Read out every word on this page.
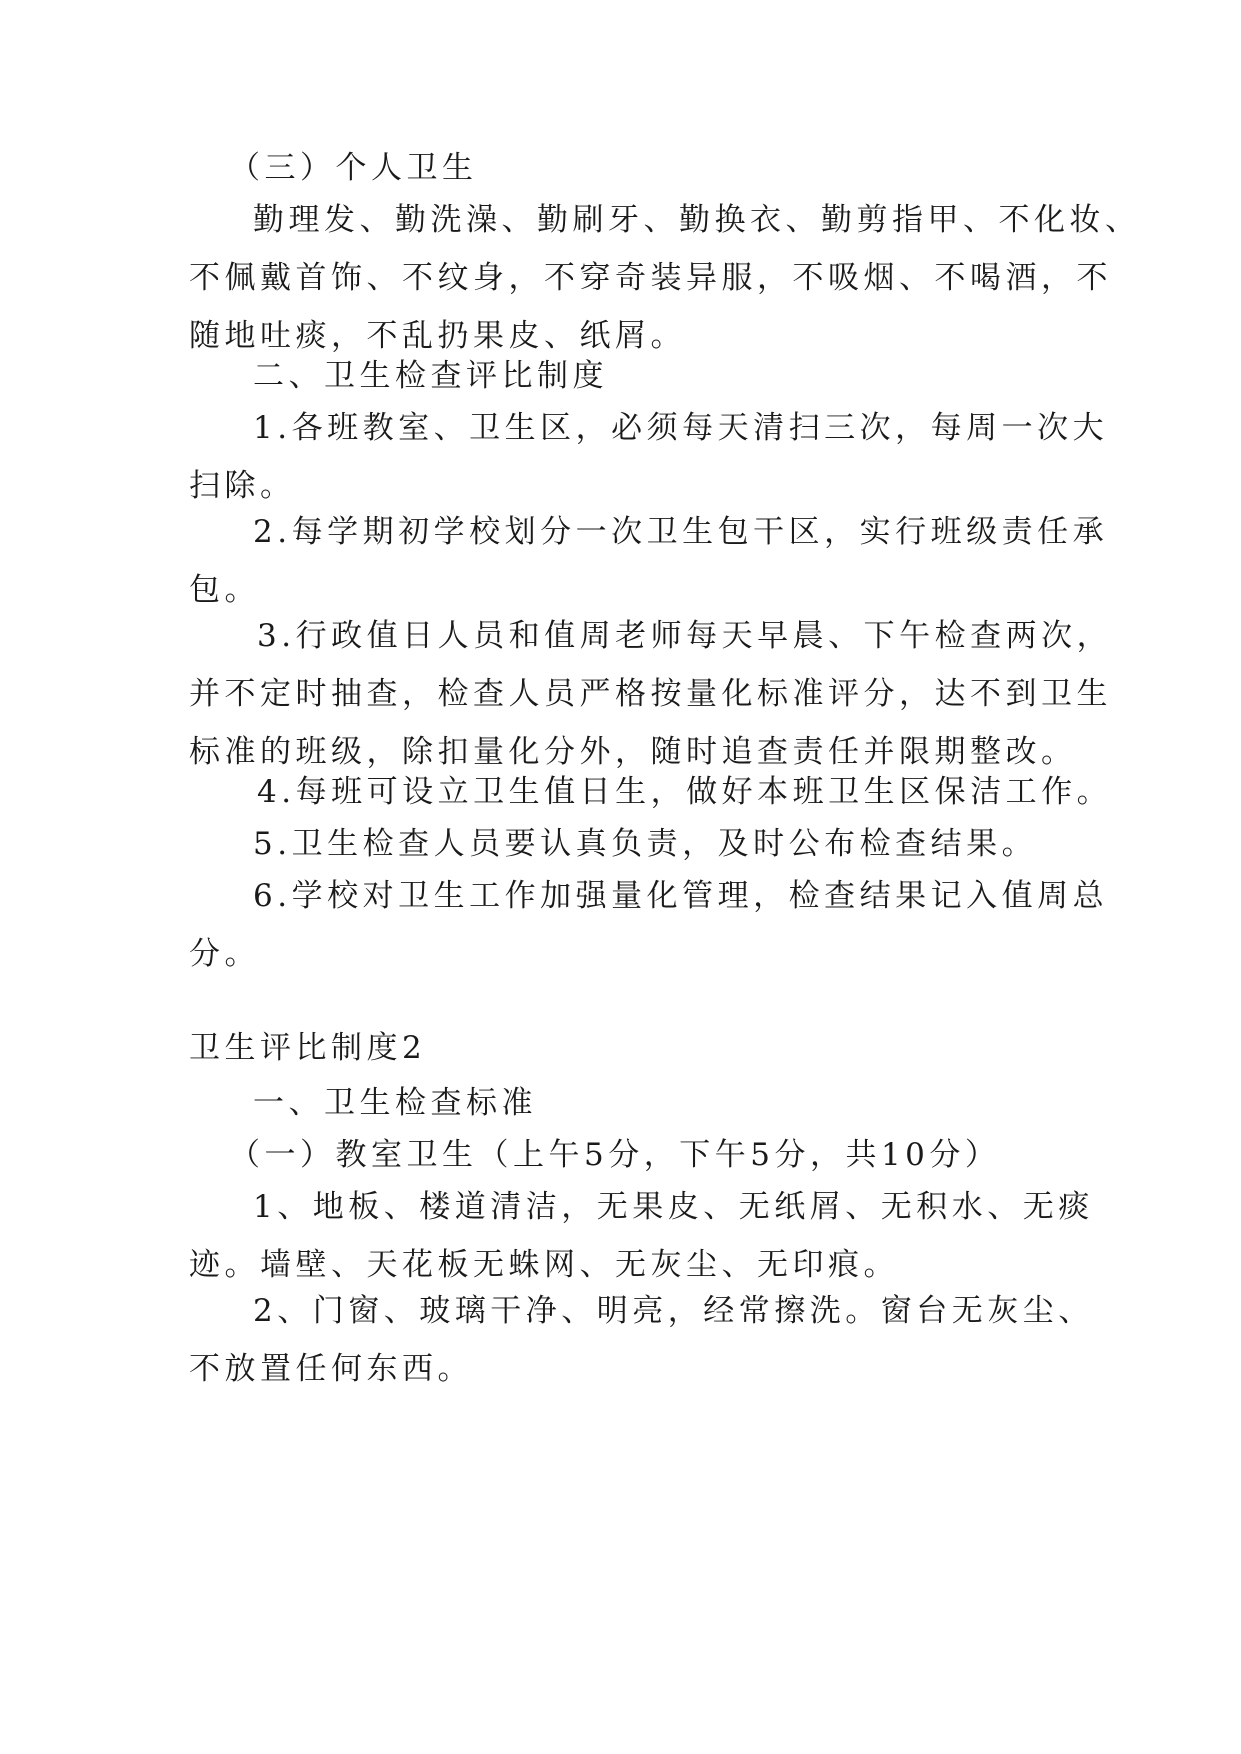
（三）个人卫生

勤理发、勤洗澡、勤刷牙、勤换衣、勤剪指甲、不化妆、
不佩戴首饰、不纹身，不穿奇装异服，不吸烟、不喝酒，不
随地吐痰，不乱扔果皮、纸屑。

二、卫生检查评比制度

1.各班教室、卫生区，必须每天清扫三次，每周一次大
扫除。

2.每学期初学校划分一次卫生包干区，实行班级责任承
包。

3.行政值日人员和值周老师每天早晨、下午检查两次，
并不定时抽查，检查人员严格按量化标准评分，达不到卫生
标准的班级，除扣量化分外，随时追查责任并限期整改。

4.每班可设立卫生值日生，做好本班卫生区保洁工作。

5.卫生检查人员要认真负责，及时公布检查结果。

6.学校对卫生工作加强量化管理，检查结果记入值周总
分。

卫生评比制度2

一、卫生检查标准

（一）教室卫生（上午5分，下午5分，共10分）

1、地板、楼道清洁，无果皮、无纸屑、无积水、无痰
迹。墙壁、天花板无蛛网、无灰尘、无印痕。

2、门窗、玻璃干净、明亮，经常擦洗。窗台无灰尘、
不放置任何东西。
